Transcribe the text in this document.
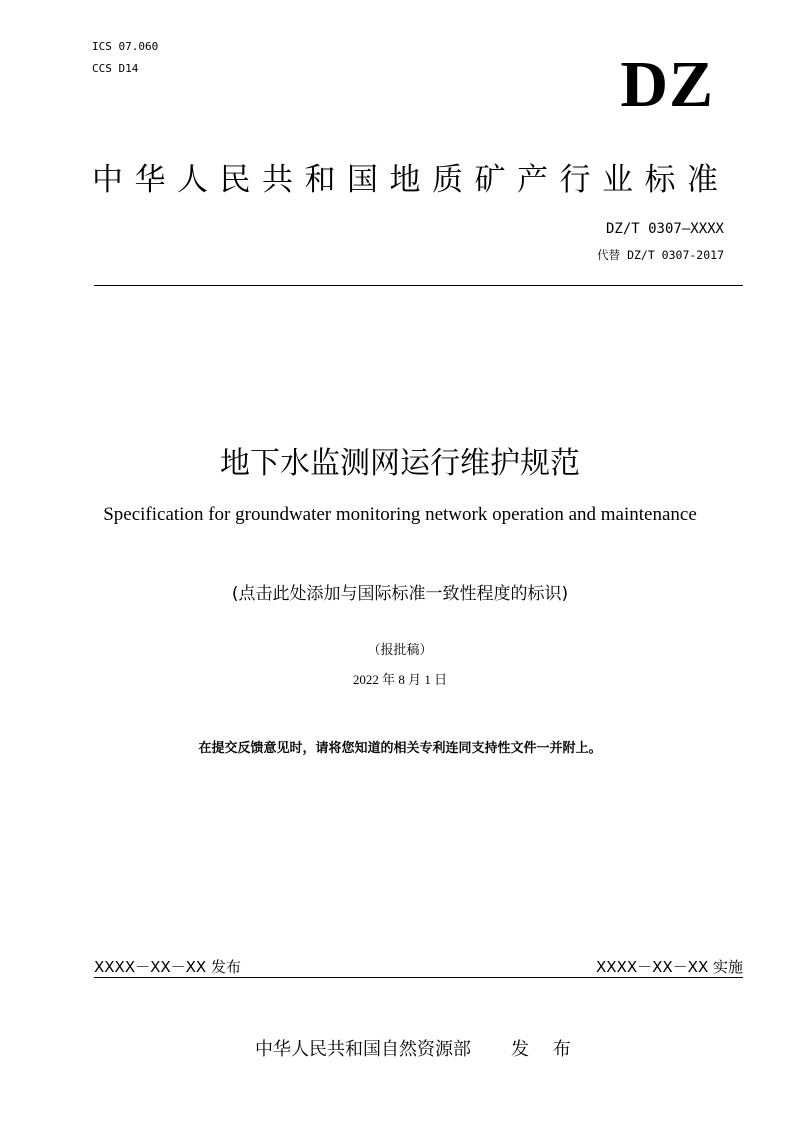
ICS 07.060
CCS D14	DZ
中华人民共和国地质矿产行业标准
DZ/T 0307—XXXX
代替 DZ/T 0307-2017
地下水监测网运行维护规范
Specification for groundwater monitoring network operation and maintenance
(点击此处添加与国际标准一致性程度的标识)
（报批稿）
2022 年 8 月 1 日
在提交反馈意见时，请将您知道的相关专利连同支持性文件一并附上。
XXXX－XX－XX 发布	XXXX－XX－XX 实施
中华人民共和国自然资源部 发 布
